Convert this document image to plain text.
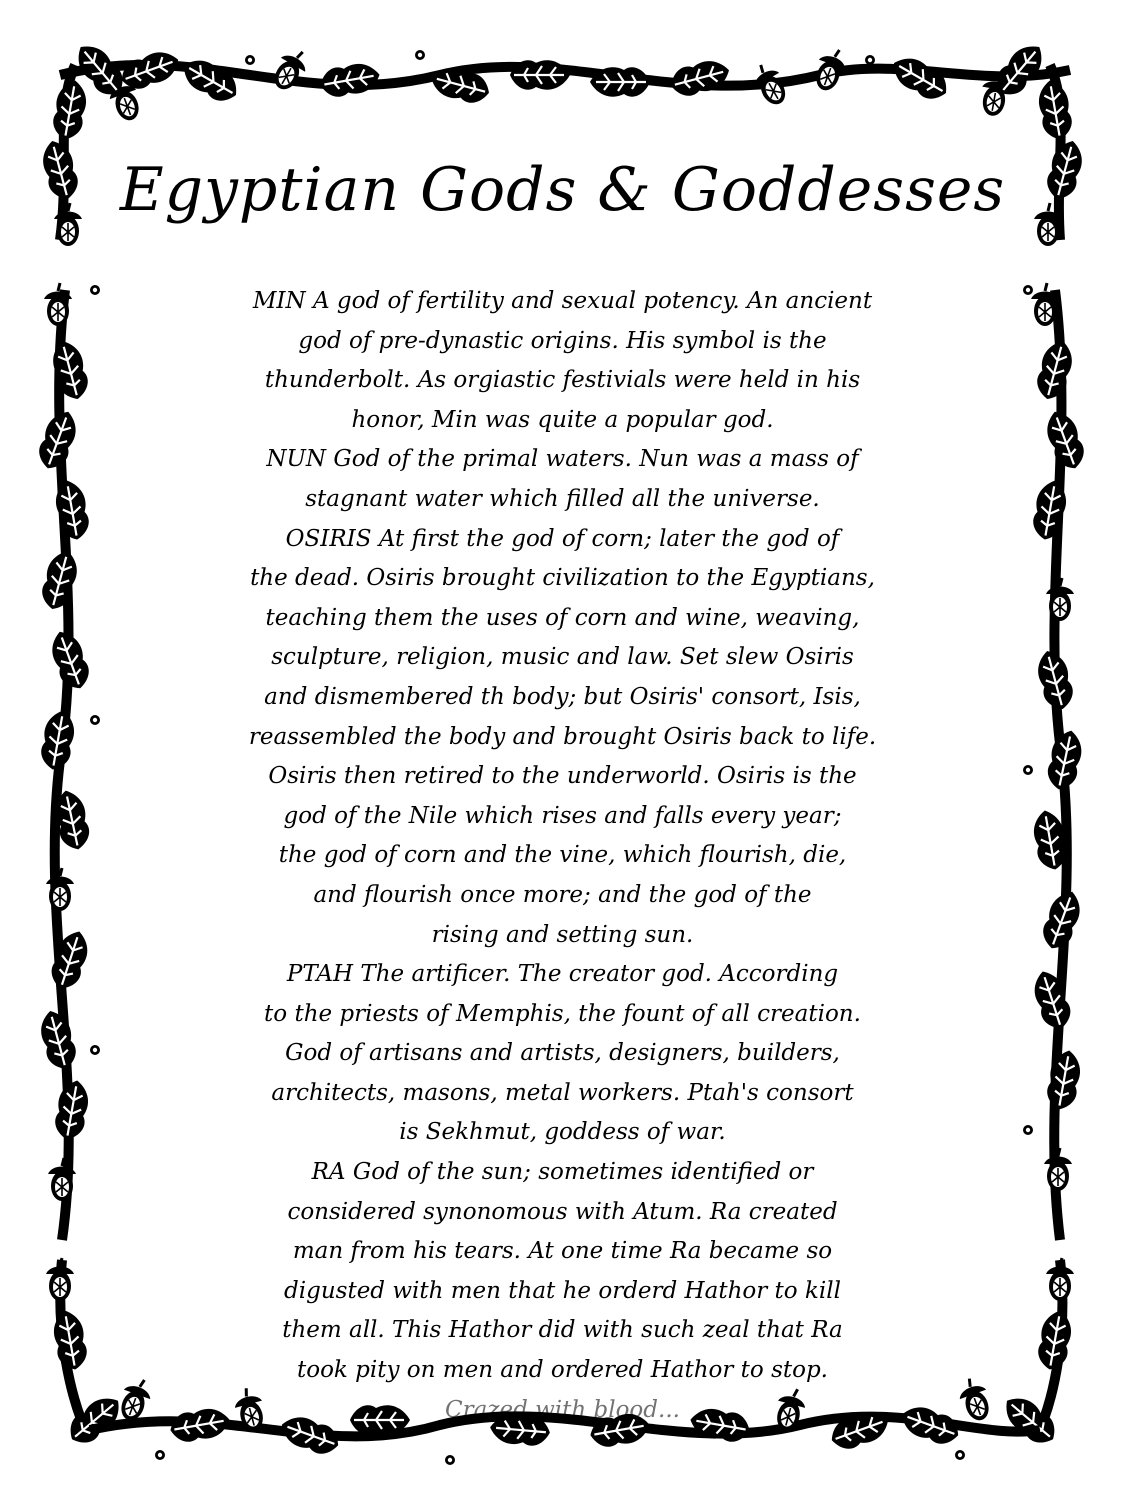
Egyptian Gods & Goddesses
MIN A god of fertility and sexual potency. An ancient
god of pre-dynastic origins. His symbol is the
thunderbolt. As orgiastic festivials were held in his
honor, Min was quite a popular god.
NUN God of the primal waters. Nun was a mass of
stagnant water which filled all the universe.
OSIRIS At first the god of corn; later the god of
the dead. Osiris brought civilization to the Egyptians,
teaching them the uses of corn and wine, weaving,
sculpture, religion, music and law. Set slew Osiris
and dismembered th body; but Osiris' consort, Isis,
reassembled the body and brought Osiris back to life.
Osiris then retired to the underworld. Osiris is the
god of the Nile which rises and falls every year;
the god of corn and the vine, which flourish, die,
and flourish once more; and the god of the
rising and setting sun.
PTAH The artificer. The creator god. According
to the priests of Memphis, the fount of all creation.
God of artisans and artists, designers, builders,
architects, masons, metal workers. Ptah's consort
is Sekhmut, goddess of war.
RA God of the sun; sometimes identified or
considered synonomous with Atum. Ra created
man from his tears. At one time Ra became so
digusted with men that he orderd Hathor to kill
them all. This Hathor did with such zeal that Ra
took pity on men and ordered Hathor to stop.
Crazed with blood...
